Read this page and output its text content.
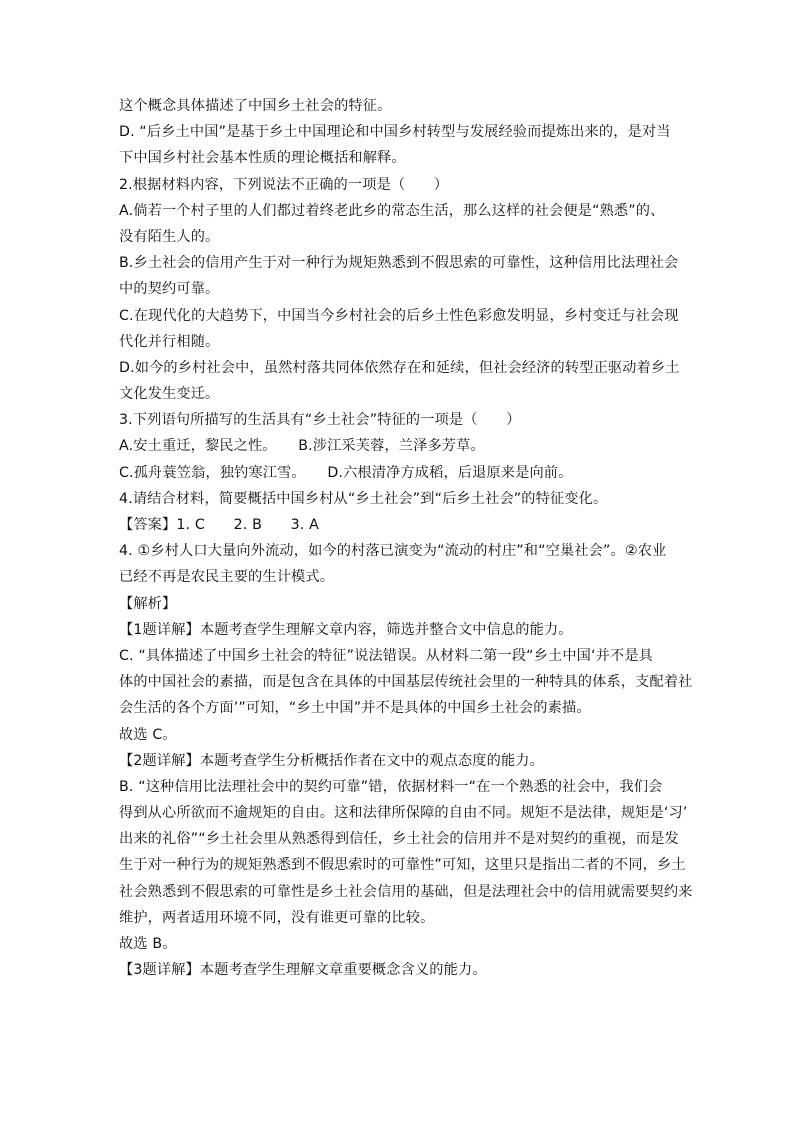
这个概念具体描述了中国乡土社会的特征。
D. “后乡土中国”是基于乡土中国理论和中国乡村转型与发展经验而提炼出来的，是对当
下中国乡村社会基本性质的理论概括和解释。
2.根据材料内容，下列说法不正确的一项是（　　）
A.倘若一个村子里的人们都过着终老此乡的常态生活，那么这样的社会便是“熟悉”的、
没有陌生人的。
B.乡土社会的信用产生于对一种行为规矩熟悉到不假思索的可靠性，这种信用比法理社会
中的契约可靠。
C.在现代化的大趋势下，中国当今乡村社会的后乡土性色彩愈发明显，乡村变迁与社会现
代化并行相随。
D.如今的乡村社会中，虽然村落共同体依然存在和延续，但社会经济的转型正驱动着乡土
文化发生变迁。
3.下列语句所描写的生活具有“乡土社会”特征的一项是（　　）
A.安土重迁，黎民之性。　　B.涉江采芙蓉，兰泽多芳草。
C.孤舟蓑笠翁，独钓寒江雪。　　D.六根清净方成稻，后退原来是向前。
4.请结合材料，简要概括中国乡村从“乡土社会”到“后乡土社会”的特征变化。
【答案】1. C　　2. B　　3. A
4. ①乡村人口大量向外流动，如今的村落已演变为“流动的村庄”和“空巢社会”。②农业
已经不再是农民主要的生计模式。
【解析】
【1题详解】本题考查学生理解文章内容，筛选并整合文中信息的能力。
C. “具体描述了中国乡土社会的特征”说法错误。从材料二第一段“乡土中国‘并不是具
体的中国社会的素描，而是包含在具体的中国基层传统社会里的一种特具的体系，支配着社
会生活的各个方面’”可知，“乡土中国”并不是具体的中国乡土社会的素描。
故选 C。
【2题详解】本题考查学生分析概括作者在文中的观点态度的能力。
B. “这种信用比法理社会中的契约可靠”错，依据材料一“在一个熟悉的社会中，我们会
得到从心所欲而不逾规矩的自由。这和法律所保障的自由不同。规矩不是法律，规矩是‘习’
出来的礼俗”“乡土社会里从熟悉得到信任，乡土社会的信用并不是对契约的重视，而是发
生于对一种行为的规矩熟悉到不假思索时的可靠性”可知，这里只是指出二者的不同，乡土
社会熟悉到不假思索的可靠性是乡土社会信用的基础，但是法理社会中的信用就需要契约来
维护，两者适用环境不同，没有谁更可靠的比较。
故选 B。
【3题详解】本题考查学生理解文章重要概念含义的能力。
